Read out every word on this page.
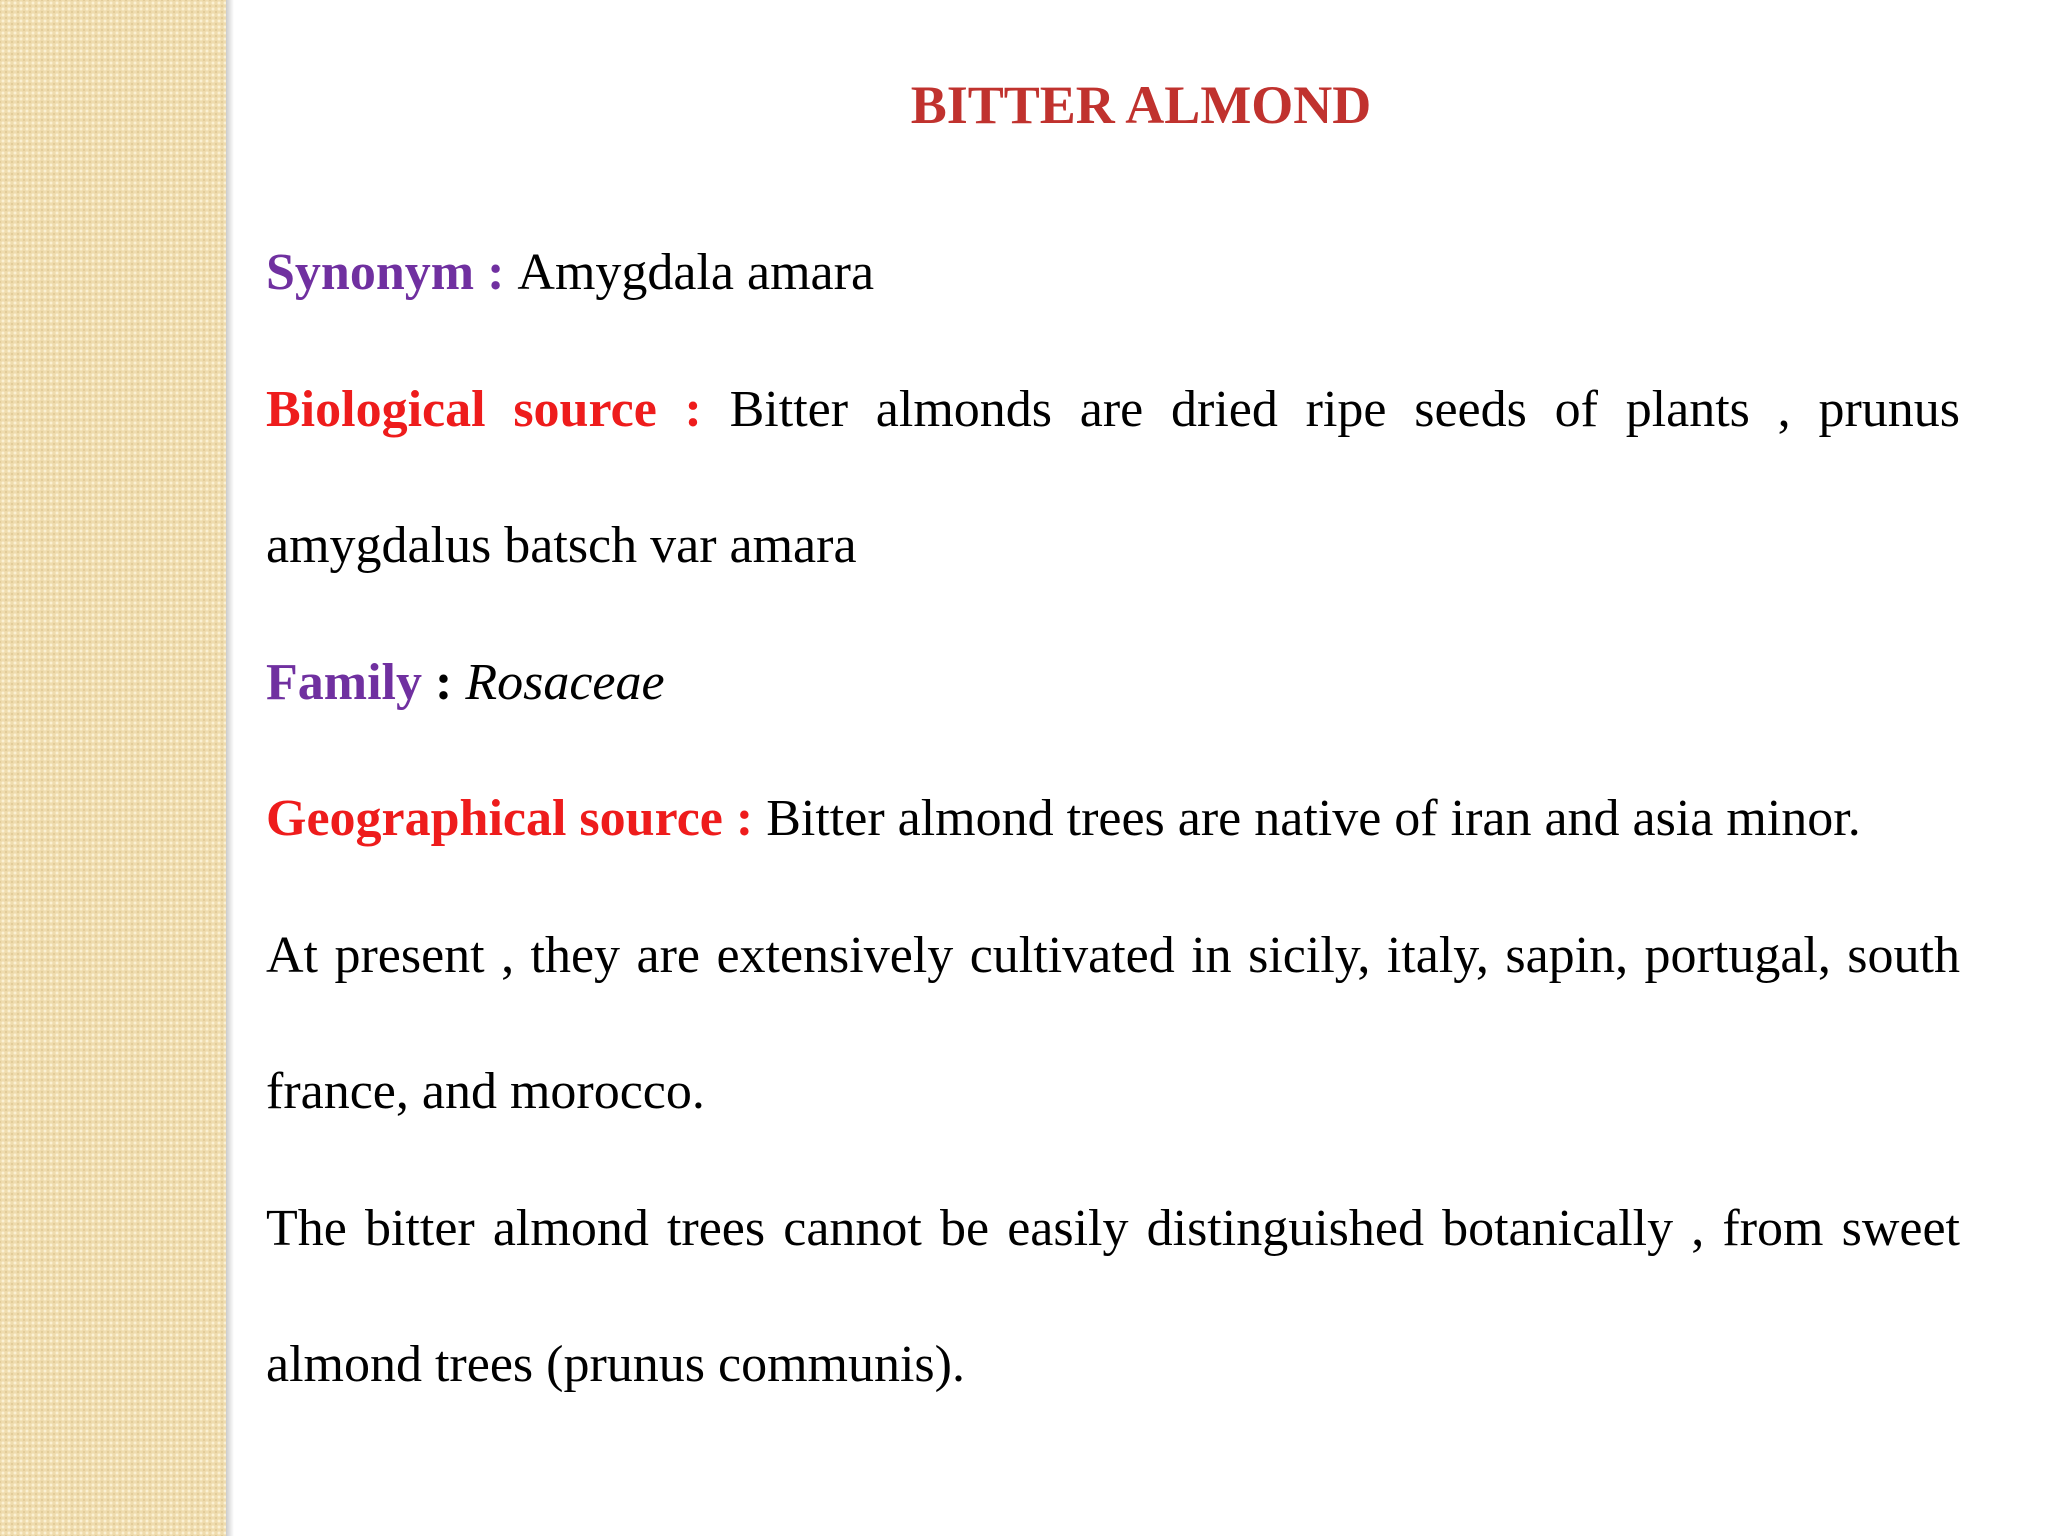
BITTER ALMOND

Synonym : Amygdala amara

Biological source : Bitter almonds are dried ripe seeds of plants , prunus amygdalus batsch var amara

Family : Rosaceae

Geographical source : Bitter almond trees are native of iran and asia minor.

At present , they are extensively cultivated in sicily, italy, sapin, portugal, south france, and morocco.

The bitter almond trees cannot be easily distinguished botanically , from sweet almond trees (prunus communis).
